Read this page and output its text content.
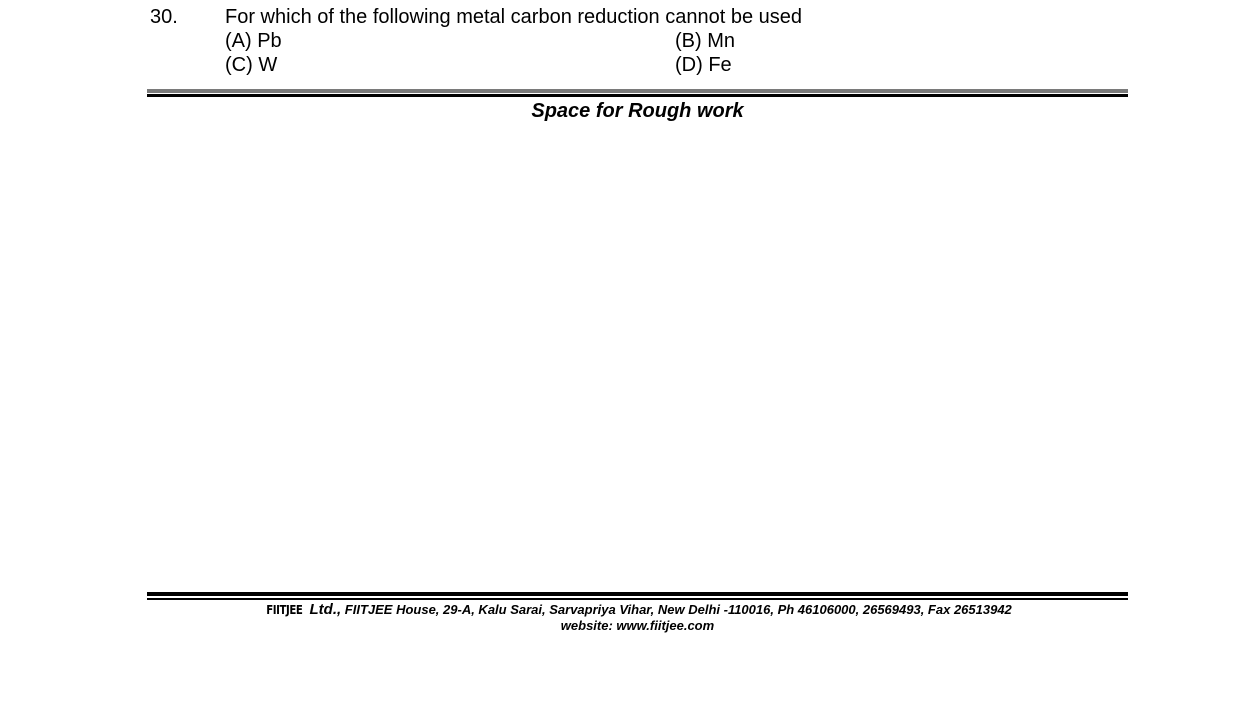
30. For which of the following metal carbon reduction cannot be used
(A) Pb	(B) Mn
(C) W	(D) Fe
Space for Rough work
FIITJEE Ltd., FIITJEE House, 29-A, Kalu Sarai, Sarvapriya Vihar, New Delhi -110016, Ph 46106000, 26569493, Fax 26513942
website: www.fiitjee.com
